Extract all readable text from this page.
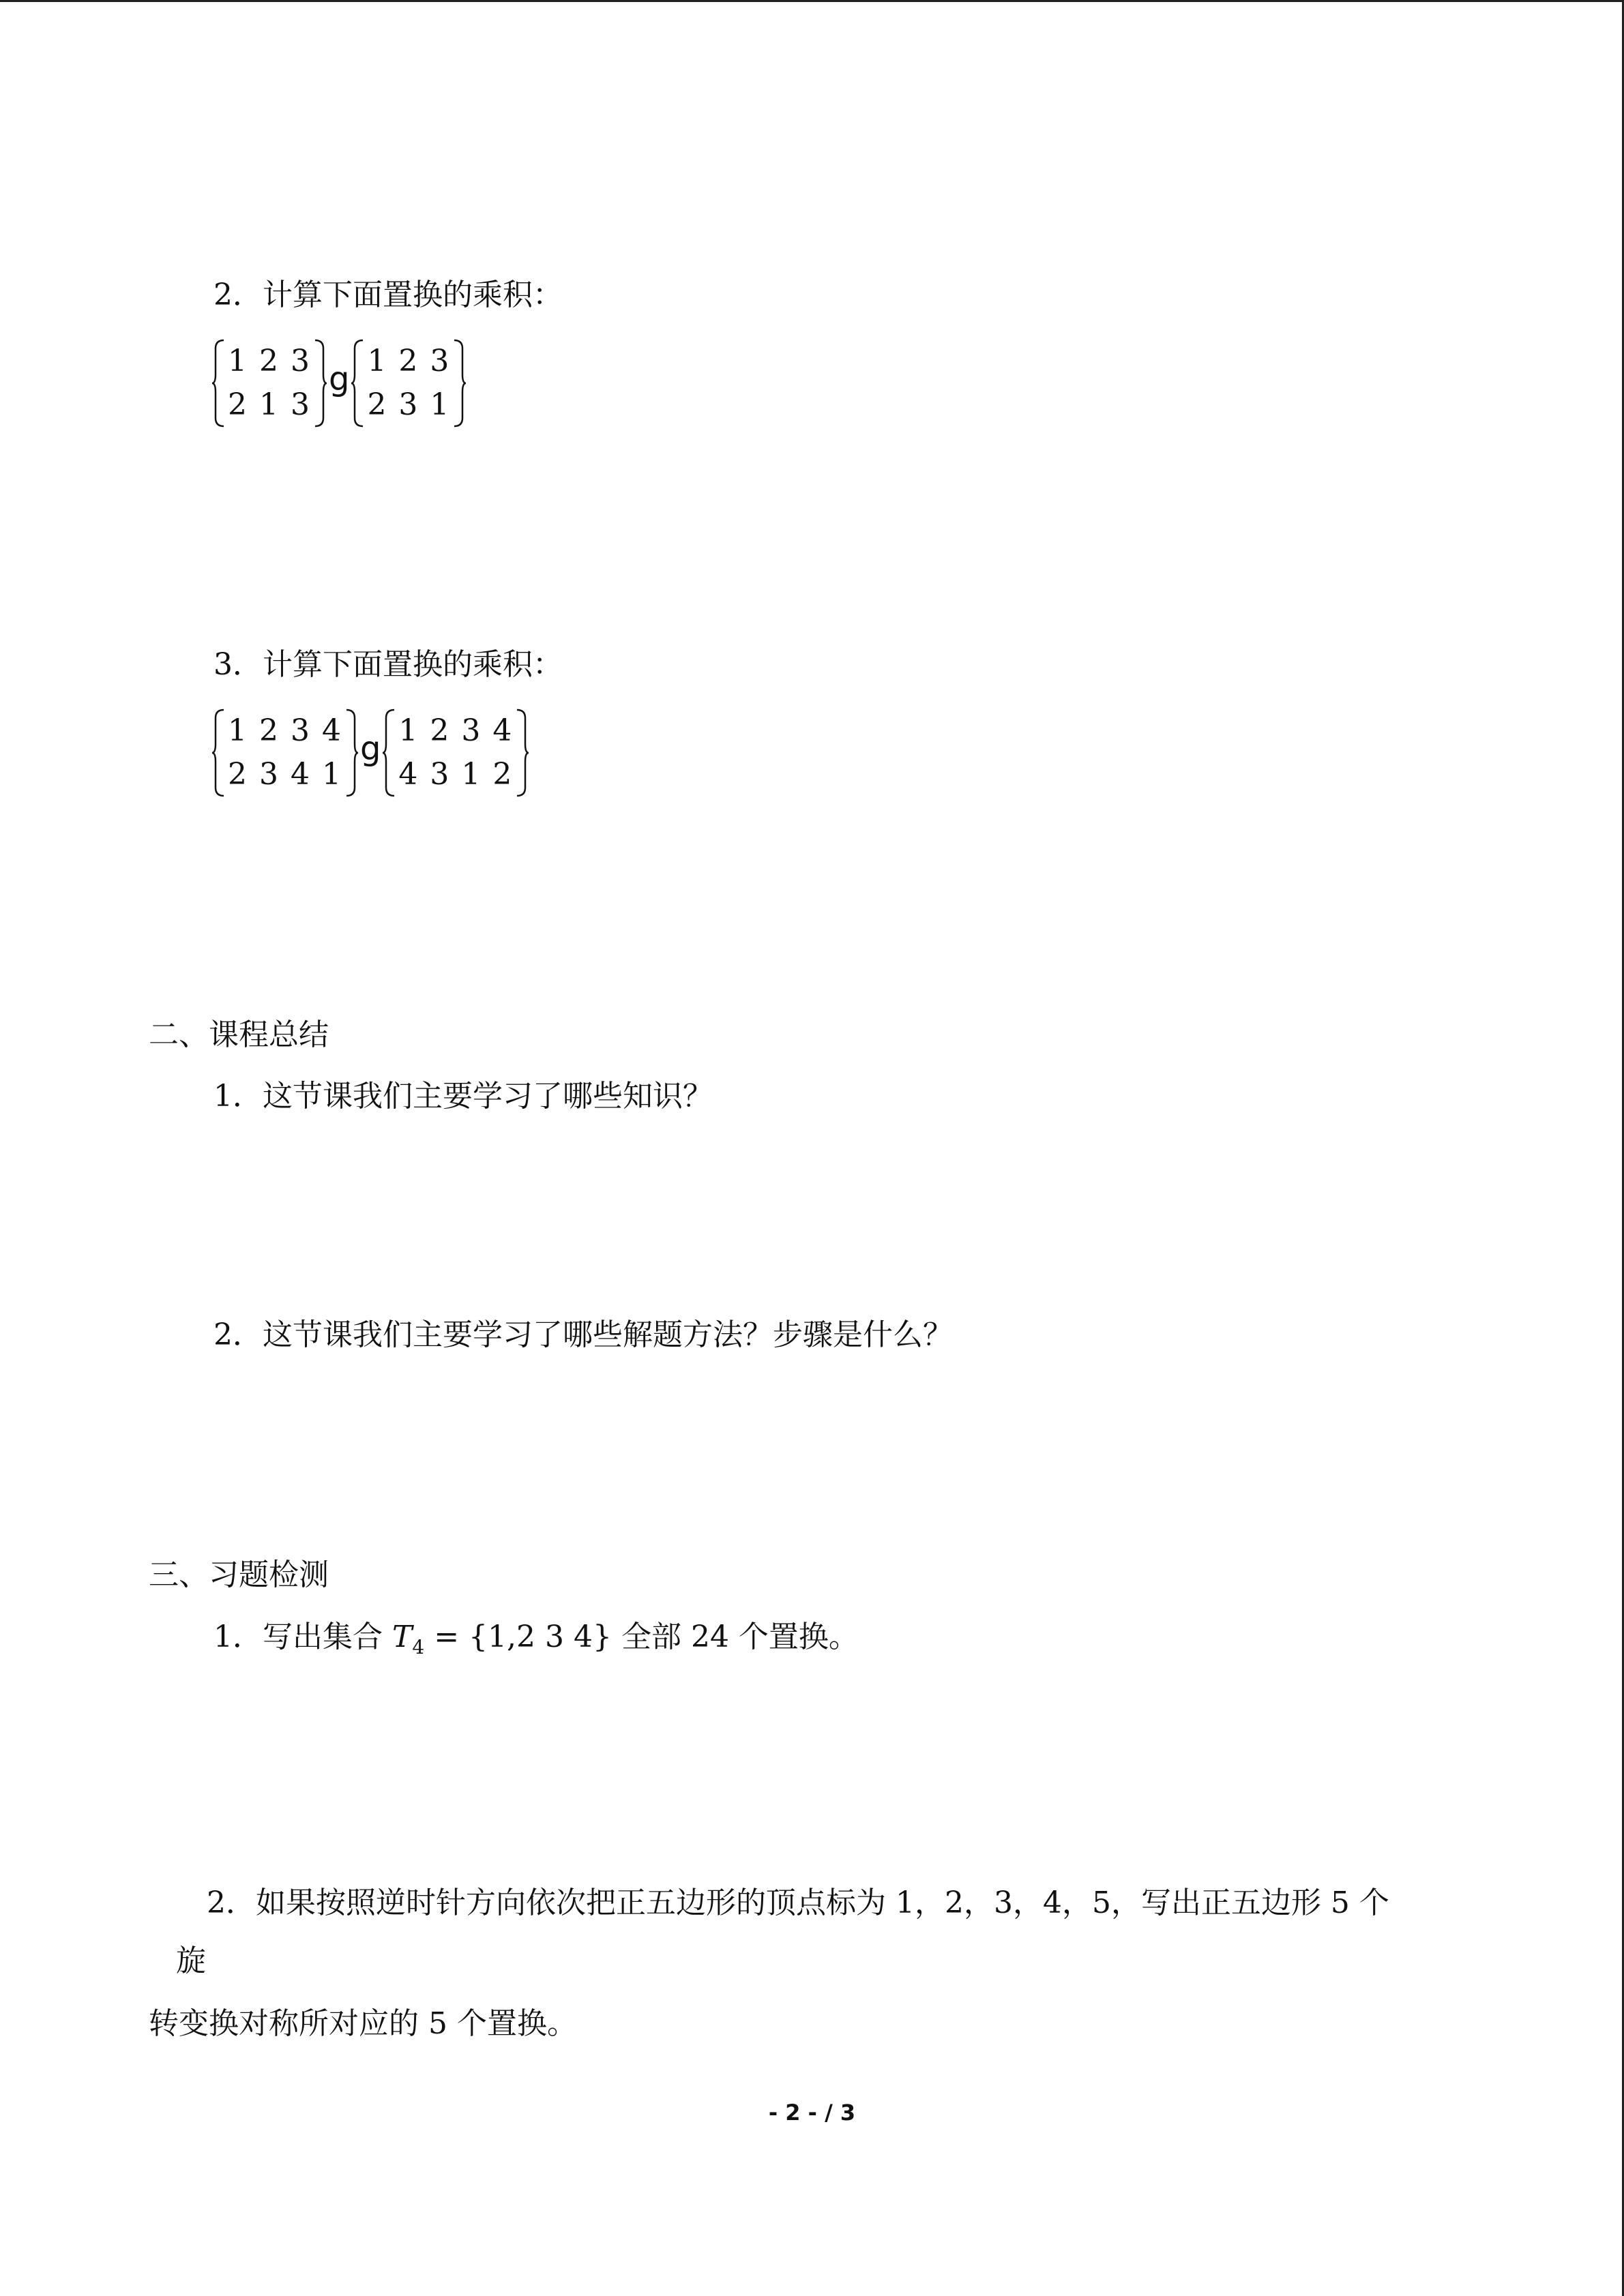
2．计算下面置换的乘积：
1 2 3
2 1 3
g 1 2 3
2 3 1
3．计算下面置换的乘积：
1 2 3 4
2 3 4 1
g 1 2 3 4
4 3 1 2
二、课程总结
1．这节课我们主要学习了哪些知识？
2．这节课我们主要学习了哪些解题方法？步骤是什么？
三、习题检测
1．写出集合 $T_4 = \{1,2$ 3 4} 全部 24 个置换。
2．如果按照逆时针方向依次把正五边形的顶点标为 1，2，3，4，5，写出正五边形 5 个
旋
转变换对称所对应的 5 个置换。
- 2 - / 3
